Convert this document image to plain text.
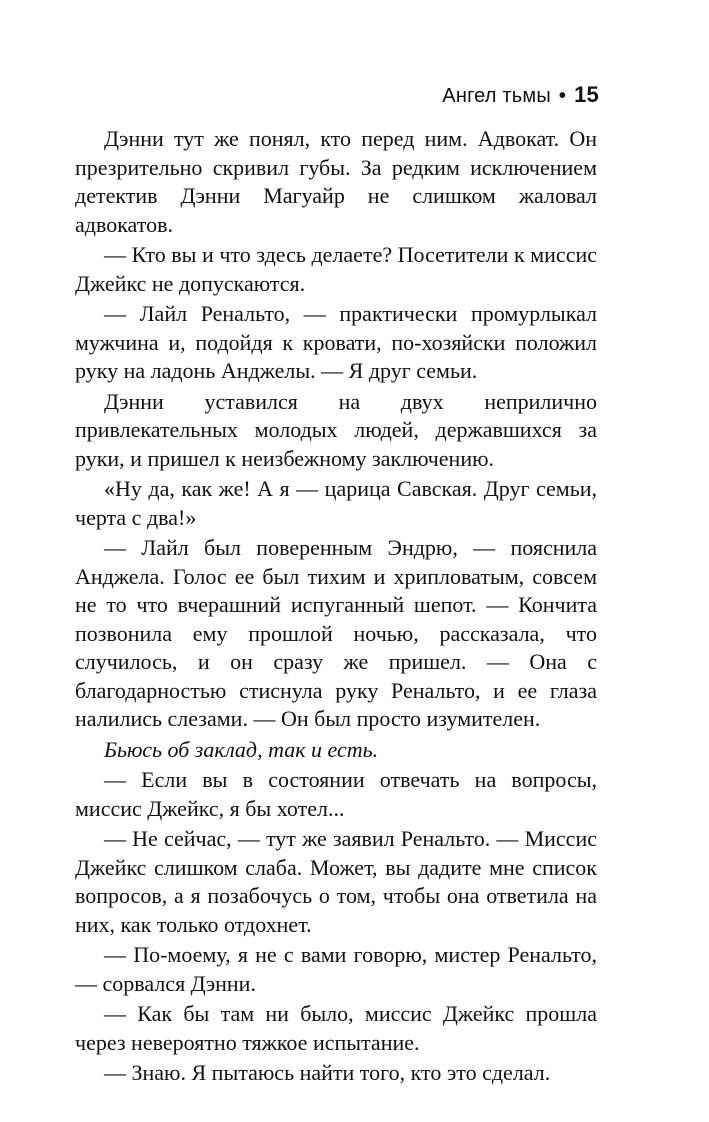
Ангел тьмы • 15

Дэнни тут же понял, кто перед ним. Адвокат. Он презрительно скривил губы. За редким исключением детектив Дэнни Магуайр не слишком жаловал адвокатов.

— Кто вы и что здесь делаете? Посетители к миссис Джейкс не допускаются.

— Лайл Ренальто, — практически промурлыкал мужчина и, подойдя к кровати, по-хозяйски положил руку на ладонь Анджелы. — Я друг семьи.

Дэнни уставился на двух неприлично привлекательных молодых людей, державшихся за руки, и пришел к неизбежному заключению.

«Ну да, как же! А я — царица Савская. Друг семьи, черта с два!»

— Лайл был поверенным Эндрю, — пояснила Анджела. Голос ее был тихим и хрипловатым, совсем не то что вчерашний испуганный шепот. — Кончита позвонила ему прошлой ночью, рассказала, что случилось, и он сразу же пришел. — Она с благодарностью стиснула руку Ренальто, и ее глаза налились слезами. — Он был просто изумителен.

Бьюсь об заклад, так и есть.

— Если вы в состоянии отвечать на вопросы, миссис Джейкс, я бы хотел...

— Не сейчас, — тут же заявил Ренальто. — Миссис Джейкс слишком слаба. Может, вы дадите мне список вопросов, а я позабочусь о том, чтобы она ответила на них, как только отдохнет.

— По-моему, я не с вами говорю, мистер Ренальто, — сорвался Дэнни.

— Как бы там ни было, миссис Джейкс прошла через невероятно тяжкое испытание.

— Знаю. Я пытаюсь найти того, кто это сделал.
